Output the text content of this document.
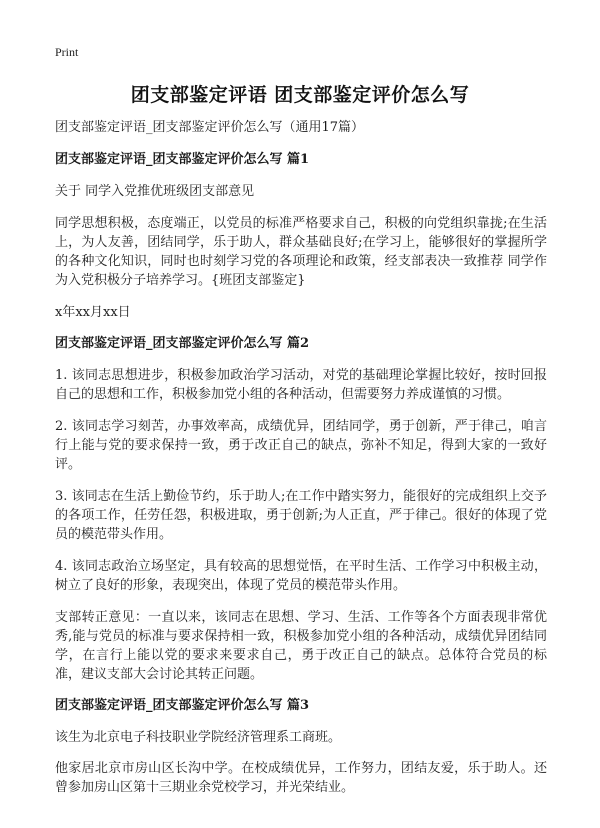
Print
团支部鉴定评语 团支部鉴定评价怎么写
团支部鉴定评语_团支部鉴定评价怎么写（通用17篇）
团支部鉴定评语_团支部鉴定评价怎么写 篇1
关于 同学入党推优班级团支部意见
同学思想积极，态度端正，以党员的标准严格要求自己，积极的向党组织靠拢;在生活上，为人友善，团结同学，乐于助人，群众基础良好;在学习上，能够很好的掌握所学的各种文化知识，同时也时刻学习党的各项理论和政策，经支部表决一致推荐 同学作为入党积极分子培养学习。{班团支部鉴定}
x年xx月xx日
团支部鉴定评语_团支部鉴定评价怎么写 篇2
1. 该同志思想进步，积极参加政治学习活动，对党的基础理论掌握比较好，按时回报自己的思想和工作，积极参加党小组的各种活动，但需要努力养成谨慎的习惯。
2. 该同志学习刻苦，办事效率高，成绩优异，团结同学，勇于创新，严于律己，咱言行上能与党的要求保持一致，勇于改正自己的缺点，弥补不知足，得到大家的一致好评。
3. 该同志在生活上勤俭节约，乐于助人;在工作中踏实努力，能很好的完成组织上交予的各项工作，任劳任怨，积极进取，勇于创新;为人正直，严于律己。很好的体现了党员的模范带头作用。
4. 该同志政治立场坚定，具有较高的思想觉悟，在平时生活、工作学习中积极主动，树立了良好的形象，表现突出，体现了党员的模范带头作用。
支部转正意见：一直以来，该同志在思想、学习、生活、工作等各个方面表现非常优秀,能与党员的标准与要求保持相一致，积极参加党小组的各种活动，成绩优异团结同学，在言行上能以党的要求来要求自己，勇于改正自己的缺点。总体符合党员的标准，建议支部大会讨论其转正问题。
团支部鉴定评语_团支部鉴定评价怎么写 篇3
该生为北京电子科技职业学院经济管理系工商班。
他家居北京市房山区长沟中学。在校成绩优异，工作努力，团结友爱，乐于助人。还曾参加房山区第十三期业余党校学习，并光荣结业。
